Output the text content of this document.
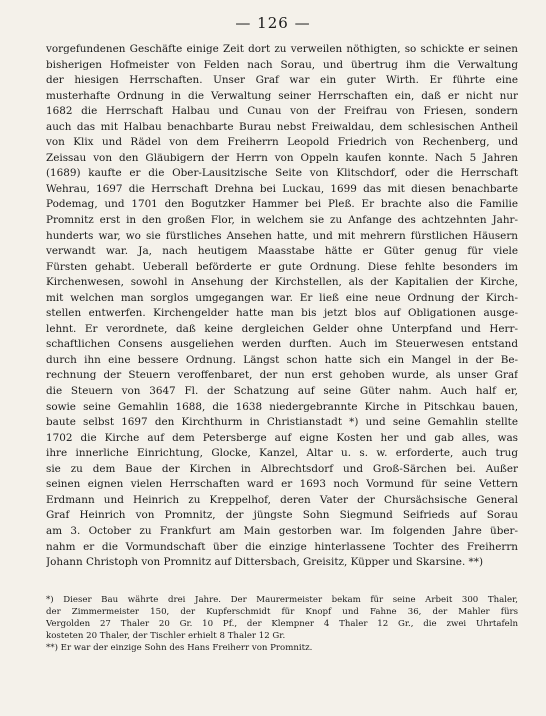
— 126 —
vorgefundenen Geschäfte einige Zeit dort zu verweilen nöthigten, so schickte er seinen
bisherigen Hofmeister von Felden nach Sorau, und übertrug ihm die Verwaltung
der hiesigen Herrschaften. Unser Graf war ein guter Wirth. Er führte eine
musterhafte Ordnung in die Verwaltung seiner Herrschaften ein, daß er nicht nur
1682 die Herrschaft Halbau und Cunau von der Freifrau von Friesen, sondern
auch das mit Halbau benachbarte Burau nebst Freiwaldau, dem schlesischen Antheil
von Klix und Rädel von dem Freiherrn Leopold Friedrich von Rechenberg, und
Zeissau von den Gläubigern der Herrn von Oppeln kaufen konnte. Nach 5 Jahren
(1689) kaufte er die Ober-Lausitzische Seite von Klitschdorf, oder die Herrschaft
Wehrau, 1697 die Herrschaft Drehna bei Luckau, 1699 das mit diesen benachbarte
Podemag, und 1701 den Bogutzker Hammer bei Pleß. Er brachte also die Familie
Promnitz erst in den großen Flor, in welchem sie zu Anfange des achtzehnten Jahr-
hunderts war, wo sie fürstliches Ansehen hatte, und mit mehrern fürstlichen Häusern
verwandt war. Ja, nach heutigem Maasstabe hätte er Güter genug für viele
Fürsten gehabt. Ueberall beförderte er gute Ordnung. Diese fehlte besonders im
Kirchenwesen, sowohl in Ansehung der Kirchstellen, als der Kapitalien der Kirche,
mit welchen man sorglos umgegangen war. Er ließ eine neue Ordnung der Kirch-
stellen entwerfen. Kirchengelder hatte man bis jetzt blos auf Obligationen ausge-
lehnt. Er verordnete, daß keine dergleichen Gelder ohne Unterpfand und Herr-
schaftlichen Consens ausgeliehen werden durften. Auch im Steuerwesen entstand
durch ihn eine bessere Ordnung. Längst schon hatte sich ein Mangel in der Be-
rechnung der Steuern veroffenbaret, der nun erst gehoben wurde, als unser Graf
die Steuern von 3647 Fl. der Schatzung auf seine Güter nahm. Auch half er,
sowie seine Gemahlin 1688, die 1638 niedergebrannte Kirche in Pitschkau bauen,
baute selbst 1697 den Kirchthurm in Christianstadt *) und seine Gemahlin stellte
1702 die Kirche auf dem Petersberge auf eigne Kosten her und gab alles, was
ihre innerliche Einrichtung, Glocke, Kanzel, Altar u. s. w. erforderte, auch trug
sie zu dem Baue der Kirchen in Albrechtsdorf und Groß-Särchen bei. Außer
seinen eignen vielen Herrschaften ward er 1693 noch Vormund für seine Vettern
Erdmann und Heinrich zu Kreppelhof, deren Vater der Chursächsische General
Graf Heinrich von Promnitz, der jüngste Sohn Siegmund Seifrieds auf Sorau
am 3. October zu Frankfurt am Main gestorben war. Im folgenden Jahre über-
nahm er die Vormundschaft über die einzige hinterlassene Tochter des Freiherrn
Johann Christoph von Promnitz auf Dittersbach, Greisitz, Küpper und Skarsine. **)
*) Dieser Bau währte drei Jahre. Der Maurermeister bekam für seine Arbeit 300 Thaler,
der Zimmermeister 150, der Kupferschmidt für Knopf und Fahne 36, der Mahler fürs
Vergolden 27 Thaler 20 Gr. 10 Pf., der Klempner 4 Thaler 12 Gr., die zwei Uhrtafeln
kosteten 20 Thaler, der Tischler erhielt 8 Thaler 12 Gr.
**) Er war der einzige Sohn des Hans Freiherr von Promnitz.
